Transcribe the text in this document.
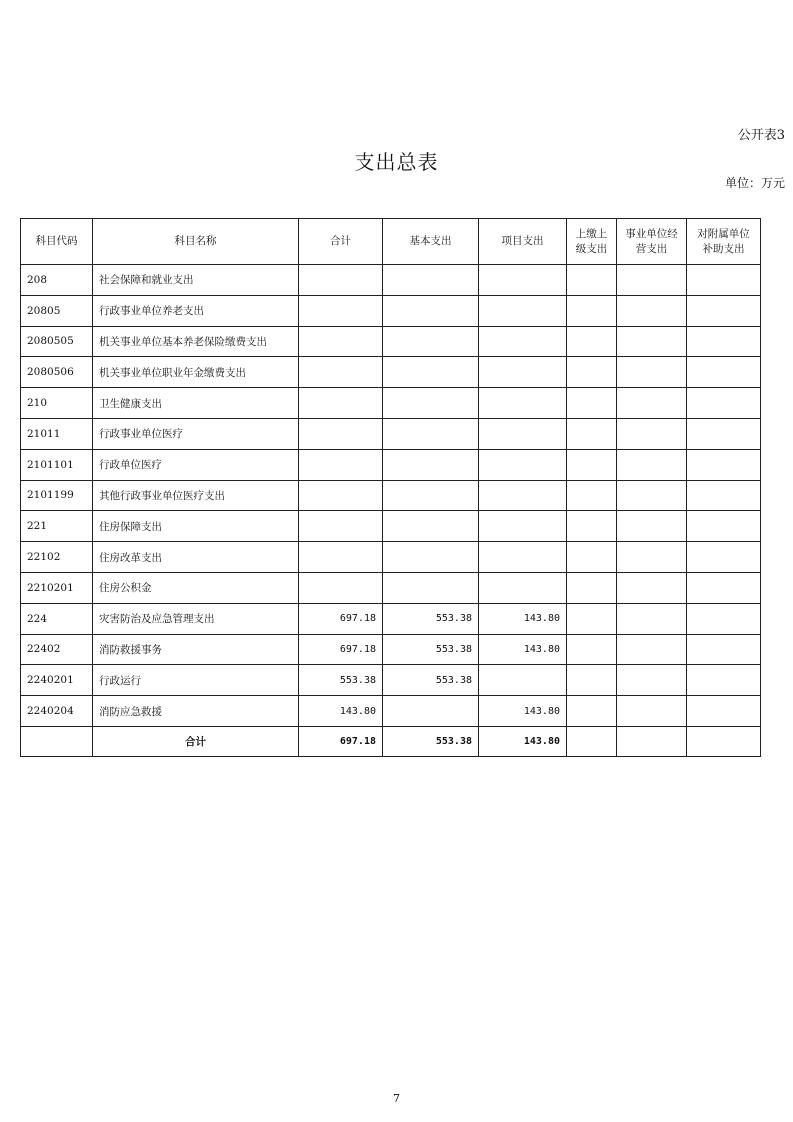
公开表3
支出总表
单位：万元
科目代码	科目名称	合计	基本支出	项目支出	上缴上级支出	事业单位经营支出	对附属单位补助支出
208	社会保障和就业支出						
20805	行政事业单位养老支出						
2080505	机关事业单位基本养老保险缴费支出						
2080506	机关事业单位职业年金缴费支出						
210	卫生健康支出						
21011	行政事业单位医疗						
2101101	行政单位医疗						
2101199	其他行政事业单位医疗支出						
221	住房保障支出						
22102	住房改革支出						
2210201	住房公积金						
224	灾害防治及应急管理支出	697.18	553.38	143.80			
22402	消防救援事务	697.18	553.38	143.80			
2240201	行政运行	553.38	553.38				
2240204	消防应急救援	143.80		143.80			
	合计	697.18	553.38	143.80			
7
